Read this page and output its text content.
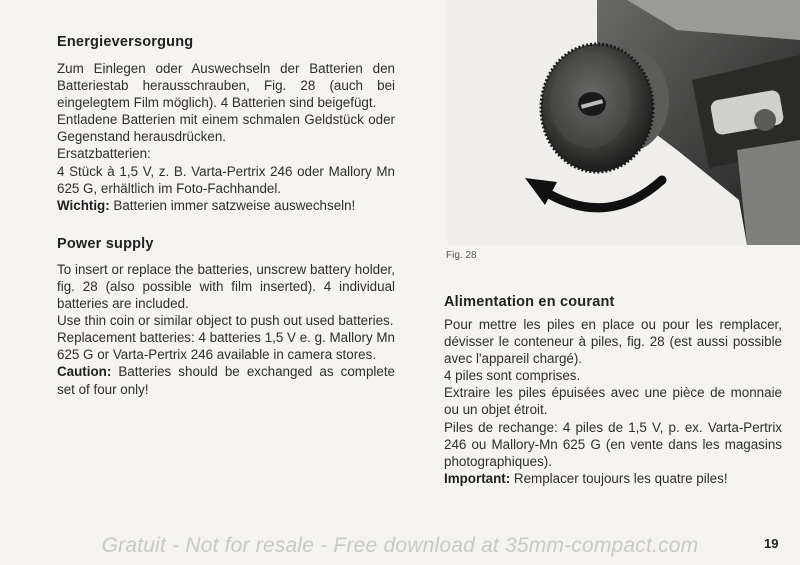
Energieversorgung

Zum Einlegen oder Auswechseln der Batterien den Batteriestab herausschrauben, Fig. 28 (auch bei eingelegtem Film möglich). 4 Batterien sind beigefügt.

Entladene Batterien mit einem schmalen Geldstück oder Gegenstand herausdrücken.

Ersatzbatterien:

4 Stück à 1,5 V, z. B. Varta-Pertrix 246 oder Mallory Mn 625 G, erhältlich im Foto-Fachhandel.

Wichtig: Batterien immer satzweise auswechseln!

Power supply

To insert or replace the batteries, unscrew battery holder, fig. 28 (also possible with film inserted). 4 individual batteries are included.

Use thin coin or similar object to push out used batteries.

Replacement batteries: 4 batteries 1,5 V e. g. Mallory Mn 625 G or Varta-Pertrix 246 available in camera stores.

Caution: Batteries should be exchanged as complete set of four only!

Fig. 28
Alimentation en courant

Pour mettre les piles en place ou pour les remplacer, dévisser le conteneur à piles, fig. 28 (est aussi possible avec l'appareil chargé).

4 piles sont comprises.

Extraire les piles épuisées avec une pièce de monnaie ou un objet étroit.

Piles de rechange: 4 piles de 1,5 V, p. ex. Varta-Pertrix 246 ou Mallory-Mn 625 G (en vente dans les magasins photographiques).

Important: Remplacer toujours les quatre piles!

Gratuit - Not for resale - Free download at 35mm-compact.com	19
